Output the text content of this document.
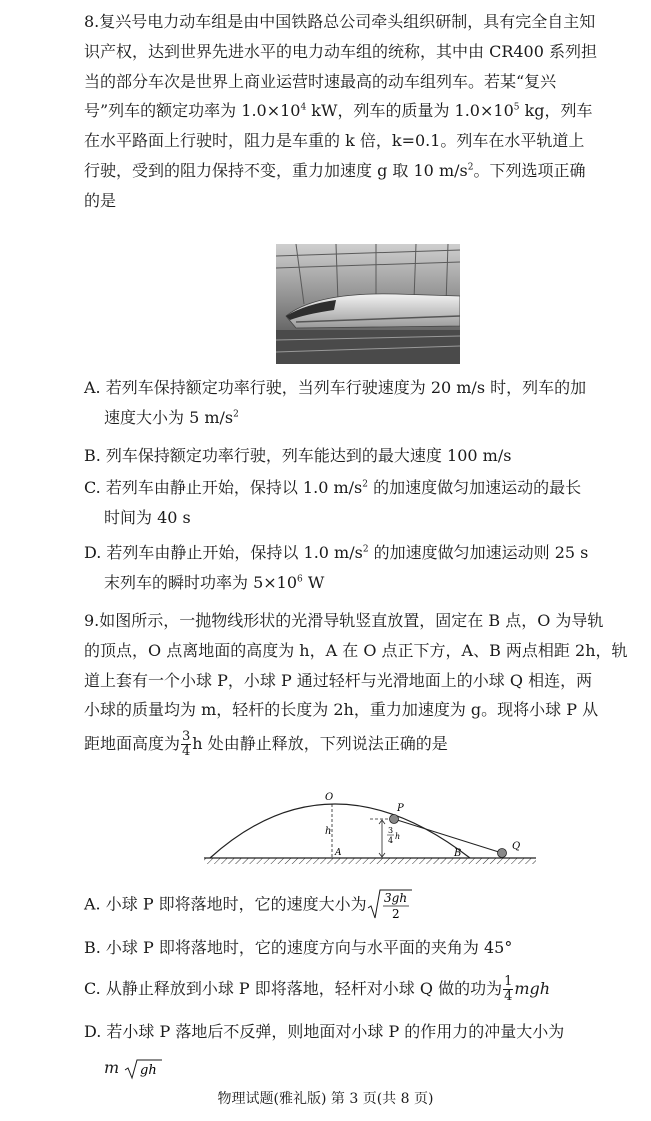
8.复兴号电力动车组是由中国铁路总公司牵头组织研制，具有完全自主知
识产权，达到世界先进水平的电力动车组的统称，其中由 CR400 系列担
当的部分车次是世界上商业运营时速最高的动车组列车。若某“复兴
号”列车的额定功率为 $1.0\times 10^4$ kW，列车的质量为 $1.0\times 10^5$ kg，列车
在水平路面上行驶时，阻力是车重的 k 倍，k=0.1。列车在水平轨道上
行驶，受到的阻力保持不变，重力加速度 g 取 10 $m/s^2$。下列选项正确
的是
A. 若列车保持额定功率行驶，当列车行驶速度为 20 m/s 时，列车的加
速度大小为 5 $m/s^2$
B. 列车保持额定功率行驶，列车能达到的最大速度 100 m/s
C. 若列车由静止开始，保持以 1.0 $m/s^2$ 的加速度做匀加速运动的最长
时间为 40 s
D. 若列车由静止开始，保持以 1.0 $m/s^2$ 的加速度做匀加速运动则 25 s
末列车的瞬时功率为 $5\times 10^6$ W
9.如图所示，一抛物线形状的光滑导轨竖直放置，固定在 B 点，O 为导轨
的顶点，O 点离地面的高度为 h，A 在 O 点正下方，A、B 两点相距 2h，轨
道上套有一个小球 P，小球 P 通过轻杆与光滑地面上的小球 Q 相连，两
小球的质量均为 m，轻杆的长度为 2h，重力加速度为 g。现将小球 P 从
距地面高度为 $\frac{3}{4}$ h 处由静止释放，下列说法正确的是
O
h
A
3
4 h
P
B
Q
A. 小球 P 即将落地时，它的速度大小为 3gh
2
B. 小球 P 即将落地时，它的速度方向与水平面的夹角为 45°
C. 从静止释放到小球 P 即将落地，轻杆对小球 Q 做的功为 $\frac{1}{4}$ mgh
D. 若小球 P 落地后不反弹，则地面对小球 P 的作用力的冲量大小为
m gh
物理试题(雅礼版) 第 3 页(共 8 页)
